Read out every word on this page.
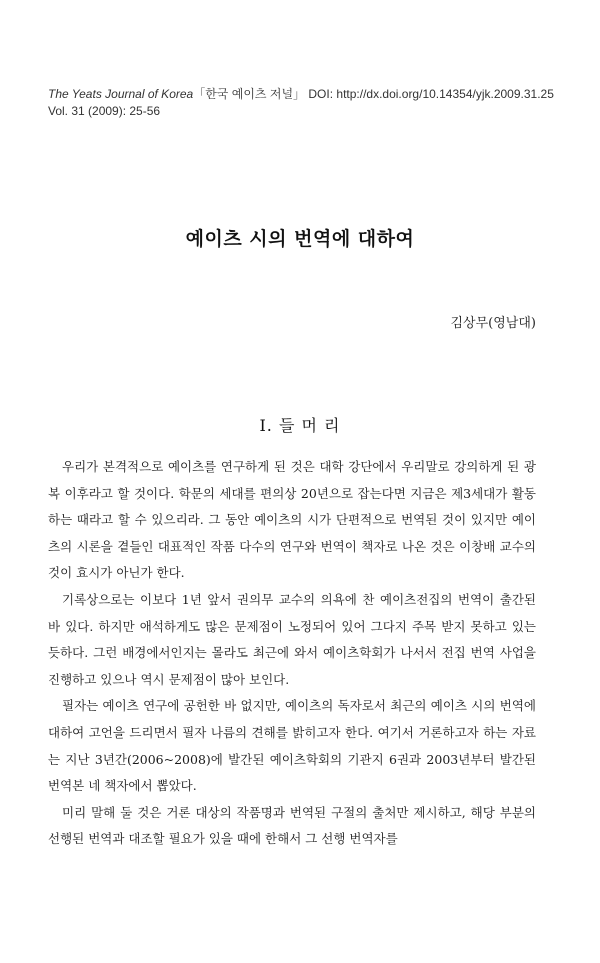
The Yeats Journal of Korea「한국 예이츠 저널」 DOI: http://dx.doi.org/10.14354/yjk.2009.31.25
Vol. 31 (2009): 25-56
예이츠 시의 번역에 대하여
김상무(영남대)
I. 들 머 리

우리가 본격적으로 예이츠를 연구하게 된 것은 대학 강단에서 우리말로 강의하게 된 광복 이후라고 할 것이다. 학문의 세대를 편의상 20년으로 잡는다면 지금은 제3세대가 활동하는 때라고 할 수 있으리라. 그 동안 예이츠의 시가 단편적으로 번역된 것이 있지만 예이츠의 시론을 곁들인 대표적인 작품 다수의 연구와 번역이 책자로 나온 것은 이창배 교수의 것이 효시가 아닌가 한다.

기록상으로는 이보다 1년 앞서 권의무 교수의 의욕에 찬 예이츠전집의 번역이 출간된 바 있다. 하지만 애석하게도 많은 문제점이 노정되어 있어 그다지 주목 받지 못하고 있는 듯하다. 그런 배경에서인지는 몰라도 최근에 와서 예이츠학회가 나서서 전집 번역 사업을 진행하고 있으나 역시 문제점이 많아 보인다.

필자는 예이츠 연구에 공헌한 바 없지만, 예이츠의 독자로서 최근의 예이츠 시의 번역에 대하여 고언을 드리면서 필자 나름의 견해를 밝히고자 한다. 여기서 거론하고자 하는 자료는 지난 3년간(2006~2008)에 발간된 예이츠학회의 기관지 6권과 2003년부터 발간된 번역본 네 책자에서 뽑았다.

미리 말해 둘 것은 거론 대상의 작품명과 번역된 구절의 출처만 제시하고, 해당 부분의 선행된 번역과 대조할 필요가 있을 때에 한해서 그 선행 번역자를
